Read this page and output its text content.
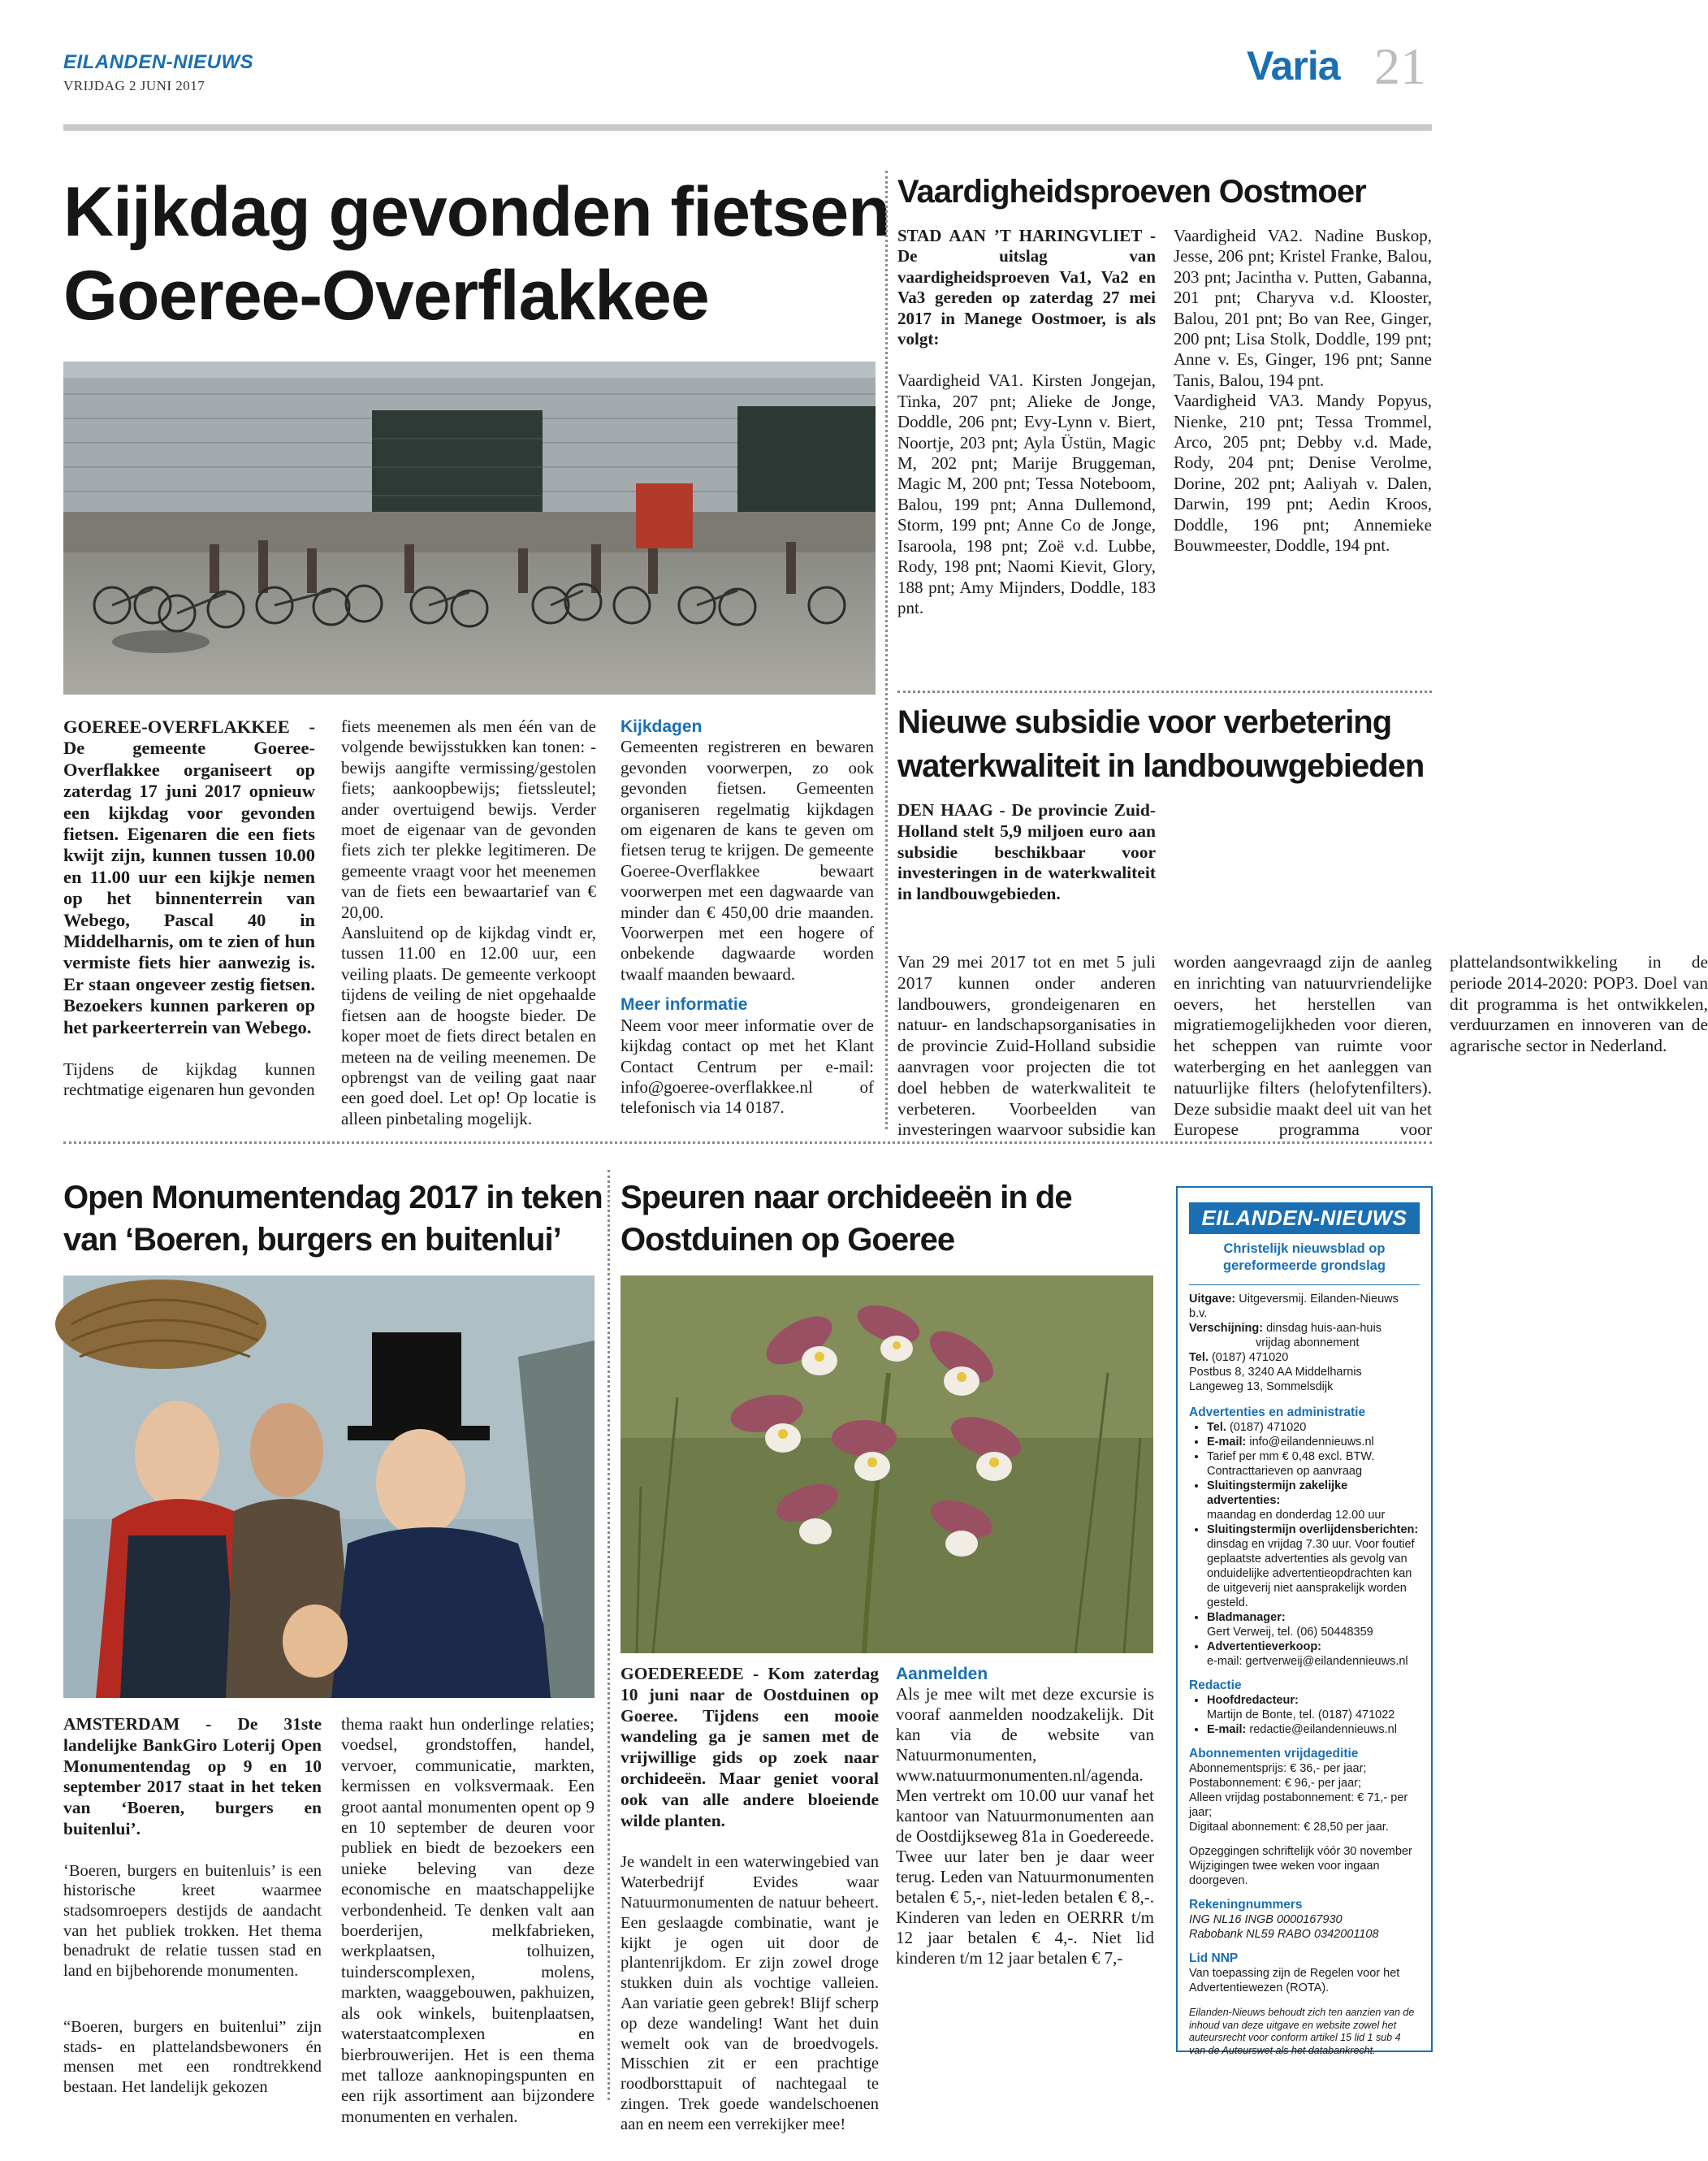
EILANDEN-NIEUWS
VRIJDAG 2 JUNI 2017	Varia 21
Kijkdag gevonden fietsen
Goeree-Overflakkee

GOEREE-OVERFLAKKEE - De gemeente Goeree-Overflakkee organiseert op zaterdag 17 juni 2017 opnieuw een kijkdag voor gevonden fietsen. Eigenaren die een fiets kwijt zijn, kunnen tussen 10.00 en 11.00 uur een kijkje nemen op het binnenterrein van Webego, Pascal 40 in Middelharnis, om te zien of hun vermiste fiets hier aanwezig is. Er staan ongeveer zestig fietsen. Bezoekers kunnen parkeren op het parkeerterrein van Webego.

Tijdens de kijkdag kunnen rechtmatige eigenaren hun gevonden

fiets meenemen als men één van de volgende bewijsstukken kan tonen: - bewijs aangifte vermissing/gestolen fiets; aankoopbewijs; fietssleutel; ander overtuigend bewijs. Verder moet de eigenaar van de gevonden fiets zich ter plekke legitimeren. De gemeente vraagt voor het meenemen van de fiets een bewaartarief van € 20,00.

Aansluitend op de kijkdag vindt er, tussen 11.00 en 12.00 uur, een veiling plaats. De gemeente verkoopt tijdens de veiling de niet opgehaalde fietsen aan de hoogste bieder. De koper moet de fiets direct betalen en meteen na de veiling meenemen. De opbrengst van de veiling gaat naar een goed doel. Let op! Op locatie is alleen pinbetaling mogelijk.

Kijkdagen

Gemeenten registreren en bewaren gevonden voorwerpen, zo ook gevonden fietsen. Gemeenten organiseren regelmatig kijkdagen om eigenaren de kans te geven om fietsen terug te krijgen. De gemeente Goeree-Overflakkee bewaart voorwerpen met een dagwaarde van minder dan € 450,00 drie maanden. Voorwerpen met een hogere of onbekende dagwaarde worden twaalf maanden bewaard.

Meer informatie

Neem voor meer informatie over de kijkdag contact op met het Klant Contact Centrum per e-mail: info@goeree-overflakkee.nl of telefonisch via 14 0187.

Vaardigheidsproeven Oostmoer

STAD AAN ’T HARINGVLIET - De uitslag van vaardigheidsproeven Va1, Va2 en Va3 gereden op zaterdag 27 mei 2017 in Manege Oostmoer, is als volgt:

Vaardigheid VA1. Kirsten Jongejan, Tinka, 207 pnt; Alieke de Jonge, Doddle, 206 pnt; Evy-Lynn v. Biert, Noortje, 203 pnt; Ayla Üstün, Magic M, 202 pnt; Marije Bruggeman, Magic M, 200 pnt; Tessa Noteboom, Balou, 199 pnt; Anna Dullemond, Storm, 199 pnt; Anne Co de Jonge, Isaroola, 198 pnt; Zoë v.d. Lubbe, Rody, 198 pnt; Naomi Kievit, Glory, 188 pnt; Amy Mijnders, Doddle, 183 pnt.

Vaardigheid VA2. Nadine Buskop, Jesse, 206 pnt; Kristel Franke, Balou, 203 pnt; Jacintha v. Putten, Gabanna, 201 pnt; Charyva v.d. Klooster, Balou, 201 pnt; Bo van Ree, Ginger, 200 pnt; Lisa Stolk, Doddle, 199 pnt; Anne v. Es, Ginger, 196 pnt; Sanne Tanis, Balou, 194 pnt.

Vaardigheid VA3. Mandy Popyus, Nienke, 210 pnt; Tessa Trommel, Arco, 205 pnt; Debby v.d. Made, Rody, 204 pnt; Denise Verolme, Dorine, 202 pnt; Aaliyah v. Dalen, Darwin, 199 pnt; Aedin Kroos, Doddle, 196 pnt; Annemieke Bouwmeester, Doddle, 194 pnt.

Nieuwe subsidie voor verbetering
waterkwaliteit in landbouwgebieden

DEN HAAG - De provincie Zuid-Holland stelt 5,9 miljoen euro aan subsidie beschikbaar voor investeringen in de waterkwaliteit in landbouwgebieden.

Van 29 mei 2017 tot en met 5 juli 2017 kunnen onder anderen landbouwers, grondeigenaren en natuur- en landschapsorganisaties in de provincie Zuid-Holland subsidie aanvragen voor projecten die tot doel hebben de waterkwaliteit te verbeteren. Voorbeelden van investeringen waarvoor subsidie kan worden aangevraagd zijn de aanleg en inrichting van natuurvriendelijke oevers, het herstellen van migratiemogelijkheden voor dieren, het scheppen van ruimte voor waterberging en het aanleggen van natuurlijke filters (helofytenfilters). Deze subsidie maakt deel uit van het Europese programma voor plattelandsontwikkeling in de periode 2014-2020: POP3. Doel van dit programma is het ontwikkelen, verduurzamen en innoveren van de agrarische sector in Nederland.

Open Monumentendag 2017 in teken
van ‘Boeren, burgers en buitenlui’

AMSTERDAM - De 31ste landelijke BankGiro Loterij Open Monumentendag op 9 en 10 september 2017 staat in het teken van ‘Boeren, burgers en buitenlui’.

‘Boeren, burgers en buitenluis’ is een historische kreet waarmee stadsomroepers destijds de aandacht van het publiek trokken. Het thema benadrukt de relatie tussen stad en land en bijbehorende monumenten.

“Boeren, burgers en buitenlui” zijn stads- en plattelandsbewoners én mensen met een rondtrekkend bestaan. Het landelijk gekozen

thema raakt hun onderlinge relaties; voedsel, grondstoffen, handel, vervoer, communicatie, markten, kermissen en volksvermaak. Een groot aantal monumenten opent op 9 en 10 september de deuren voor publiek en biedt de bezoekers een unieke beleving van deze economische en maatschappelijke verbondenheid. Te denken valt aan boerderijen, melkfabrieken, werkplaatsen, tolhuizen, tuinderscomplexen, molens, markten, waaggebouwen, pakhuizen, als ook winkels, buitenplaatsen, waterstaatcomplexen en bierbrouwerijen. Het is een thema met talloze aanknopingspunten en een rijk assortiment aan bijzondere monumenten en verhalen.

Speuren naar orchideeën in de
Oostduinen op Goeree

GOEDEREEDE - Kom zaterdag 10 juni naar de Oostduinen op Goeree. Tijdens een mooie wandeling ga je samen met de vrijwillige gids op zoek naar orchideeën. Maar geniet vooral ook van alle andere bloeiende wilde planten.

Je wandelt in een waterwingebied van Waterbedrijf Evides waar Natuurmonumenten de natuur beheert. Een geslaagde combinatie, want je kijkt je ogen uit door de plantenrijkdom. Er zijn zowel droge stukken duin als vochtige valleien. Aan variatie geen gebrek! Blijf scherp op deze wandeling! Want het duin wemelt ook van de broedvogels. Misschien zit er een prachtige roodborsttapuit of nachtegaal te zingen. Trek goede wandelschoenen aan en neem een verrekijker mee!

Aanmelden

Als je mee wilt met deze excursie is vooraf aanmelden noodzakelijk. Dit kan via de website van Natuurmonumenten, www.natuurmonumenten.nl/agenda.

Men vertrekt om 10.00 uur vanaf het kantoor van Natuurmonumenten aan de Oostdijkseweg 81a in Goedereede. Twee uur later ben je daar weer terug. Leden van Natuurmonumenten betalen € 5,-, niet-leden betalen € 8,-. Kinderen van leden en OERRR t/m 12 jaar betalen € 4,-. Niet lid kinderen t/m 12 jaar betalen € 7,-

EILANDEN-NIEUWS
Christelijk nieuwsblad op
gereformeerde grondslag
Uitgave: Uitgeversmij. Eilanden-Nieuws b.v.
Verschijning: dinsdag huis-aan-huis
vrijdag abonnement
Tel. (0187) 471020
Postbus 8, 3240 AA Middelharnis
Langeweg 13, Sommelsdijk
Advertenties en administratie
• Tel. (0187) 471020
• E-mail: info@eilandennieuws.nl
• Tarief per mm € 0,48 excl. BTW.
Contracttarieven op aanvraag
• Sluitingstermijn zakelijke advertenties:
maandag en donderdag 12.00 uur
• Sluitingstermijn overlijdensberichten:
dinsdag en vrijdag 7.30 uur. Voor foutief geplaatste advertenties als gevolg van onduidelijke advertentieopdrachten kan de uitgeverij niet aansprakelijk worden gesteld.
• Bladmanager:
Gert Verweij, tel. (06) 50448359
• Advertentieverkoop:
e-mail: gertverweij@eilandennieuws.nl
Redactie
• Hoofdredacteur:
Martijn de Bonte, tel. (0187) 471022
• E-mail: redactie@eilandennieuws.nl
Abonnementen vrijdageditie
Abonnementsprijs: € 36,- per jaar;
Postabonnement: € 96,- per jaar;
Alleen vrijdag postabonnement: € 71,- per jaar;
Digitaal abonnement: € 28,50 per jaar.
Opzeggingen schriftelijk vóór 30 november
Wijzigingen twee weken voor ingaan doorgeven.
Rekeningnummers
ING NL16 INGB 0000167930
Rabobank NL59 RABO 0342001108
Lid NNP
Van toepassing zijn de Regelen voor het
Advertentiewezen (ROTA).
Eilanden-Nieuws behoudt zich ten aanzien van de inhoud van deze uitgave en website zowel het auteursrecht voor conform artikel 15 lid 1 sub 4 van de Auteurswet als het databankrecht.
